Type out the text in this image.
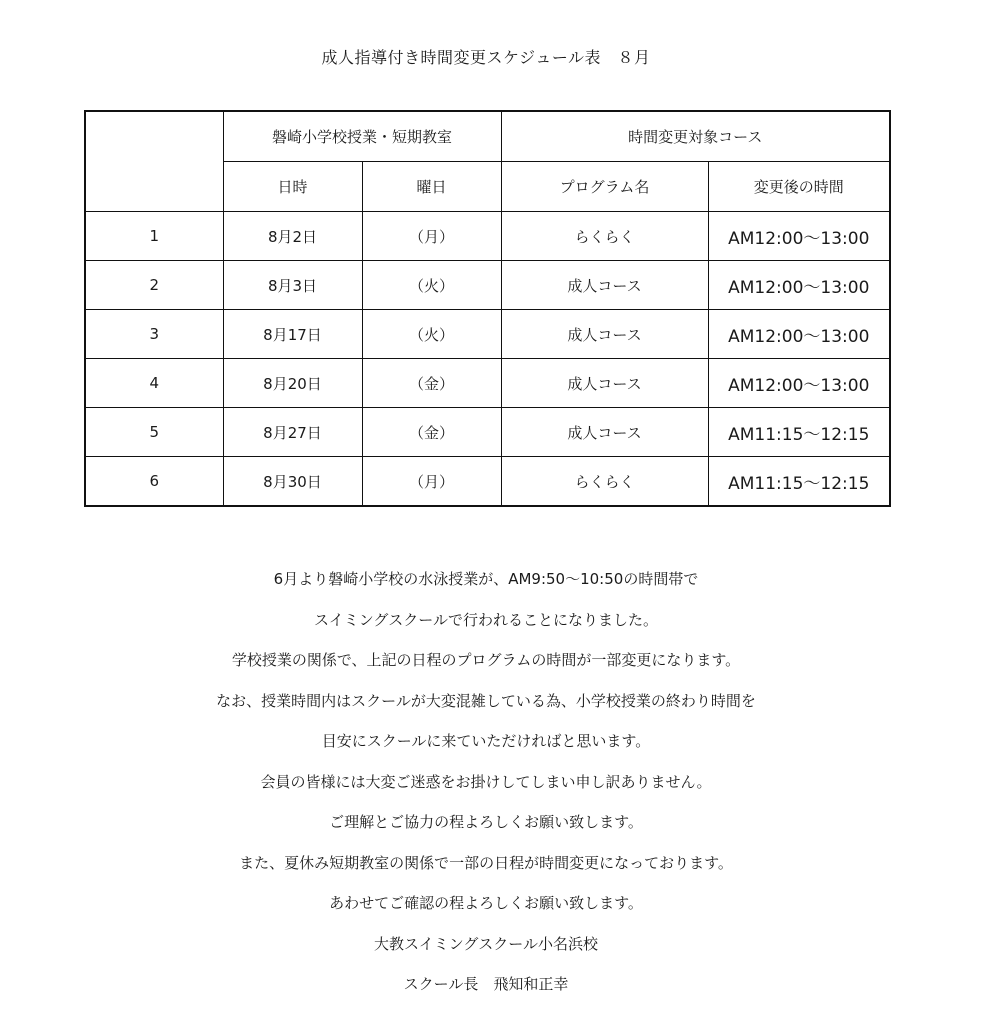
成人指導付き時間変更スケジュール表　８月
	磐崎小学校授業・短期教室		時間変更対象コース	
	日時	曜日	プログラム名	変更後の時間
1	8月2日	（月）	らくらく	AM12:00～13:00
2	8月3日	（火）	成人コース	AM12:00～13:00
3	8月17日	（火）	成人コース	AM12:00～13:00
4	8月20日	（金）	成人コース	AM12:00～13:00
5	8月27日	（金）	成人コース	AM11:15～12:15
6	8月30日	（月）	らくらく	AM11:15～12:15

6月より磐崎小学校の水泳授業が、AM9:50～10:50の時間帯で

スイミングスクールで行われることになりました。

学校授業の関係で、上記の日程のプログラムの時間が一部変更になります。

なお、授業時間内はスクールが大変混雑している為、小学校授業の終わり時間を

目安にスクールに来ていただければと思います。

会員の皆様には大変ご迷惑をお掛けしてしまい申し訳ありません。

ご理解とご協力の程よろしくお願い致します。

また、夏休み短期教室の関係で一部の日程が時間変更になっております。

あわせてご確認の程よろしくお願い致します。

大教スイミングスクール小名浜校

スクール長　飛知和正幸
